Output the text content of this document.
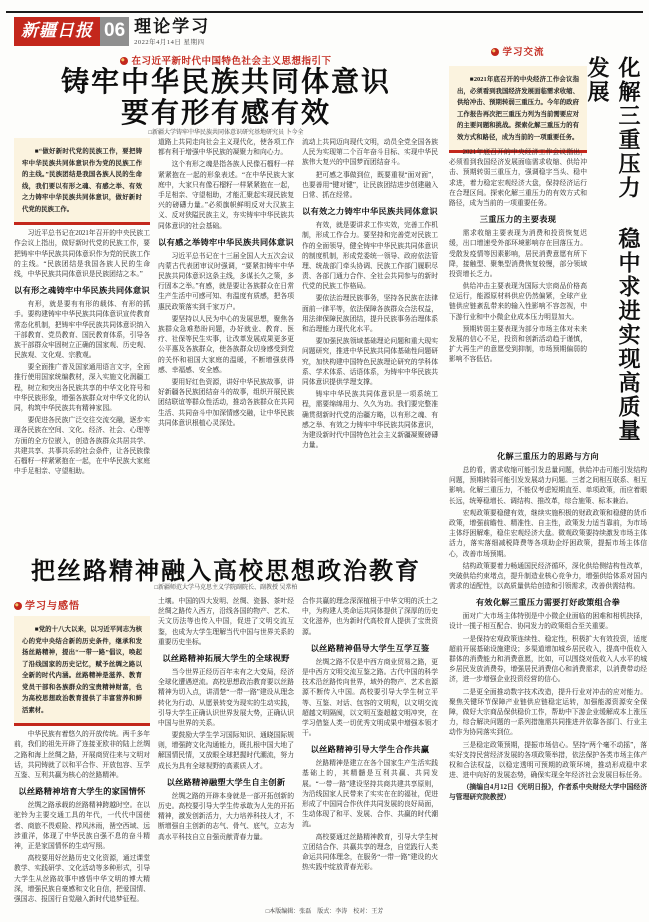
新疆日报 06 理论学习
2022年4月14日 星期四
在习近平新时代中国特色社会主义思想指引下
铸牢中华民族共同体意识
要有形有感有效
□新疆大学铸牢中华民族共同体意识研究基地研究员 卜今全
■“做好新时代党的民族工作，要把铸牢中华民族共同体意识作为党的民族工作的主线。”民族团结是我国各族人民的生命线，我们要以有形之魂、有感之举、有效之力铸牢中华民族共同体意识，做好新时代党的民族工作。

习近平总书记在2021年召开的中央民族工作会议上指出，做好新时代党的民族工作，要把铸牢中华民族共同体意识作为党的民族工作的主线。“民族团结是我国各族人民的生命线，中华民族共同体意识是民族团结之本。”

以有形之魂铸牢中华民族共同体意识

有形，就是要有有形的载体、有形的抓手。要构建铸牢中华民族共同体意识宣传教育常态化机制，把铸牢中华民族共同体意识纳入干部教育、党员教育、国民教育体系，引导各族干部群众牢固树立正确的国家观、历史观、民族观、文化观、宗教观。

要全面推广普及国家通用语言文字，全面推行使用国家统编教材，深入实施文化润疆工程，树立和突出各民族共享的中华文化符号和中华民族形象，增强各族群众对中华文化的认同，构筑中华民族共有精神家园。

要促进各民族广泛交往交流交融，逐步实现各民族在空间、文化、经济、社会、心理等方面的全方位嵌入，创造各族群众共居共学、共建共享、共事共乐的社会条件，让各民族像石榴籽一样紧紧抱在一起，在中华民族大家庭中手足相亲、守望相助。

道路上共同走向社会主义现代化，使各项工作都有利于增强中华民族的凝聚力和向心力。

这个有形之魂是指各族人民像石榴籽一样紧紧抱在一起的形象表述。“在中华民族大家庭中，大家只有像石榴籽一样紧紧抱在一起，手足相亲、守望相助，才能汇聚起实现民族复兴的磅礴力量。”必须旗帜鲜明反对大汉族主义、反对狭隘民族主义，夯实铸牢中华民族共同体意识的社会基础。

以有感之举铸牢中华民族共同体意识

习近平总书记在十三届全国人大五次会议内蒙古代表团审议时强调，“要紧扣铸牢中华民族共同体意识这条主线，多谋长久之策，多行固本之举。”有感，就是要让各族群众在日常生产生活中可感可知、有温度有质感，把各项惠民政策落实到千家万户。

要坚持以人民为中心的发展思想，聚焦各族群众急难愁盼问题，办好就业、教育、医疗、社保等民生实事，让改革发展成果更多更公平惠及各族群众，使各族群众切身感受到党的关怀和祖国大家庭的温暖，不断增强获得感、幸福感、安全感。

要用好红色资源，讲好中华民族故事，讲好新疆各民族团结奋斗的故事，组织开展民族团结联谊等群众性活动，推动各族群众在共同生活、共同奋斗中加深情感交融，让中华民族共同体意识根植心灵深处。

流动上共同迈向现代文明，动员全党全国各族人民为实现第二个百年奋斗目标、实现中华民族伟大复兴的中国梦而团结奋斗。

把可感之事做到位，既要重视“面对面”，也要善用“键对键”，让民族团结进步创建融入日常、抓在经常。

以有效之力铸牢中华民族共同体意识

有效，就是要讲求工作实效，完善工作机制，形成工作合力。要坚持和完善党对民族工作的全面领导，健全铸牢中华民族共同体意识的制度机制，形成党委统一领导、政府依法管理、统战部门牵头协调、民族工作部门履职尽责、各部门通力合作、全社会共同参与的新时代党的民族工作格局。

要依法治理民族事务，坚持各民族在法律面前一律平等，依法保障各族群众合法权益，用法律保障民族团结，提升民族事务治理体系和治理能力现代化水平。

要加强民族领域基础理论问题和重大现实问题研究，推进中华民族共同体基础性问题研究，加快构建中国特色民族理论研究的学科体系、学术体系、话语体系，为铸牢中华民族共同体意识提供学理支撑。

铸牢中华民族共同体意识是一项系统工程，需要绵绵用力、久久为功。我们要完整准确贯彻新时代党的治疆方略，以有形之魂、有感之举、有效之力铸牢中华民族共同体意识，为建设新时代中国特色社会主义新疆凝聚磅礴力量。

学习交流
■2021年底召开的中央经济工作会议指出，必须看到我国经济发展面临需求收缩、供给冲击、预期转弱三重压力。今年的政府工作报告再次把三重压力列为当前需要应对的主要问题和挑战。探索化解三重压力的有效方式和路径，成为当前的一项重要任务。	化解三重压力 稳中求进实现高质量发展

2021年底召开的中央经济工作会议指出，必须看到我国经济发展面临需求收缩、供给冲击、预期转弱三重压力，强调稳字当头、稳中求进，着力稳定宏观经济大盘，保持经济运行在合理区间。探索化解三重压力的有效方式和路径，成为当前的一项重要任务。

三重压力的主要表现

需求收缩主要表现为消费和投资恢复迟缓，出口增速受外部环境影响存在回落压力。受散发疫情等因素影响，居民消费意愿有所下降，接触型、聚集型消费恢复较慢，部分领域投资增长乏力。

供给冲击主要表现为国际大宗商品价格高位运行，能源原材料供应仍然偏紧，全球产业链供应链紊乱带来的输入性影响不容忽视，中下游行业和中小微企业成本压力明显加大。

预期转弱主要表现为部分市场主体对未来发展的信心不足，投资和创新活动趋于谨慎，扩大再生产的意愿受到抑制，市场预期偏弱的影响不容低估。

化解三重压力的思路与方向

总的看，需求收缩可能引发总量问题，供给冲击可能引发结构问题，预期转弱可能引发发展动力问题。三者之间相互联系、相互影响。化解三重压力，不能仅考虑短期直至、单项政策，而应着眼长远，统筹稳增长、调结构、推改革，综合施策、标本兼治。

宏观政策要稳健有效，继续实施积极的财政政策和稳健的货币政策，增强前瞻性、精准性、自主性，政策发力适当靠前，为市场主体纾困解难，稳住宏观经济大盘。微观政策要持续激发市场主体活力，落实落细减税降费等各项助企纾困政策，提振市场主体信心，改善市场预期。

结构政策要着力畅通国民经济循环，深化供给侧结构性改革，突破供给约束堵点，提升制造业核心竞争力，增强供给体系对国内需求的适配性，以高质量供给创造和引领需求，改善供需结构。

有效化解三重压力需要打好政策组合拳

面对广大市场主体特别是中小微企业面临的困难和相机抉择，设计一揽子相互配合、协同发力的政策组合至关重要。

一是保持宏观政策连续性、稳定性，积极扩大有效投资，适度超前开展基础设施建设；多渠道增加城乡居民收入，提高中低收入群体的消费能力和消费意愿，比如，可以围绕对低收入人水平的城乡居民发放消费券，增强居民消费信心和消费需求，以消费带动经济，进一步增强企业投资经营的信心。

二是更全面推动数字技术改造，提升行业对冲击的应对能力。聚焦关键环节保障产业链供应链稳定运转，加强能源资源安全保障，做好大宗商品保供稳价工作，帮助中下游企业缓解成本上涨压力，综合解决问题的一系列措施需共同推进并依靠各部门、行业主动作为协同落实到位。

三是稳定政策预期，提振市场信心。坚持“两个毫不动摇”，落实好支持民营经济发展的各项政策举措，依法保护各类市场主体产权和合法权益，以稳定透明可预期的政策环境，推动形成稳中求进、进中向好的发展态势，确保实现全年经济社会发展目标任务。

（摘编自4月12日《光明日报》，作者系中央财经大学中国经济与管理研究院教授）

把丝路精神融入高校思想政治教育
□新疆师范大学马克思主义学院副院长、副教授 吴常柏
学习与感悟
■党的十八大以来，以习近平同志为核心的党中央结合新的历史条件，继承和发扬丝路精神，提出“一带一路”倡议，唤起了沿线国家的历史记忆，赋予丝绸之路以全新的时代内涵。丝路精神是滋养、教育党员干部和各族群众的宝贵精神财富，也为高校思想政治教育提供了丰富营养和鲜活素材。

中华民族有着悠久的开放传统。两千多年前，我们的祖先开辟了连接亚欧非的陆上丝绸之路和海上丝绸之路，开展商贸往来与文明对话，共同铸就了以和平合作、开放包容、互学互鉴、互利共赢为核心的丝路精神。

以丝路精神培育大学生的家国情怀

丝绸之路承载的丝路精神跨越时空。在以驼铃为主要交通工具的年代，一代代中国使者、商旅不畏艰险、栉风沐雨，凿空西域、远涉重洋，体现了中华民族自强不息的奋斗精神，正是家国情怀的生动写照。

高校要用好丝路历史文化资源，通过课堂教学、实践研学、文化活动等多种形式，引导大学生从丝路故事中感悟中华文明的博大精深，增强民族自豪感和文化自信，把爱国情、强国志、报国行自觉融入新时代追梦征程。

土壤。中国的四大发明、丝绸、瓷器、茶叶经丝绸之路传入西方，沿线各国的物产、艺术、天文历法等也传入中国，促进了文明交流互鉴，也成为大学生理解当代中国与世界关系的重要历史坐标。

以丝路精神拓展大学生的全球视野

当今世界正经历百年未有之大变局，经济全球化遭遇逆流。高校思想政治教育要以丝路精神为切入点，讲清楚“一带一路”建设从理念转化为行动、从愿景转变为现实的生动实践，引导大学生正确认识世界发展大势，正确认识中国与世界的关系。

要鼓励大学生学习国际知识、通晓国际规则，增强跨文化沟通能力，既扎根中国大地了解国情民情，又放眼全球把握时代潮流，努力成长为具有全球视野的高素质人才。

以丝路精神融塑大学生自主创新

丝绸之路的开辟本身就是一部开拓创新的历史。高校要引导大学生传承敢为人先的开拓精神，激发创新活力，大力培养科技人才，不断增强自主创新的志气、骨气、底气，立志为高水平科技自立自强贡献青春力量。

合作共赢的理念深深植根于中华文明的沃土之中，为构建人类命运共同体提供了深厚的历史文化滋养，也为新时代高校育人提供了宝贵资源。

以丝路精神倡导大学生互学互鉴

丝绸之路不仅是中西方商业贸易之路，更是中西方文明交流互鉴之路。古代中国的科学技术沿丝路传向世界，域外的物产、艺术也源源不断传入中国。高校要引导大学生树立平等、互鉴、对话、包容的文明观，以文明交流超越文明隔阂，以文明互鉴超越文明冲突，在学习借鉴人类一切优秀文明成果中增强本领才干。

以丝路精神引导大学生合作共赢

丝路精神是建立在各个国家生产生活实践基础上的，其精髓是互利共赢、共同发展。“一带一路”建设坚持共商共建共享原则，为沿线国家人民带来了实实在在的福祉，促进形成了中国同合作伙伴共同发展的良好局面，生动体现了和平、发展、合作、共赢的时代潮流。

高校要通过丝路精神教育，引导大学生树立团结合作、共赢共享的理念，自觉践行人类命运共同体理念，在服务“一带一路”建设的火热实践中绽放青春光彩。

□本版编辑：张磊　版式：李涛　校对：王芳
